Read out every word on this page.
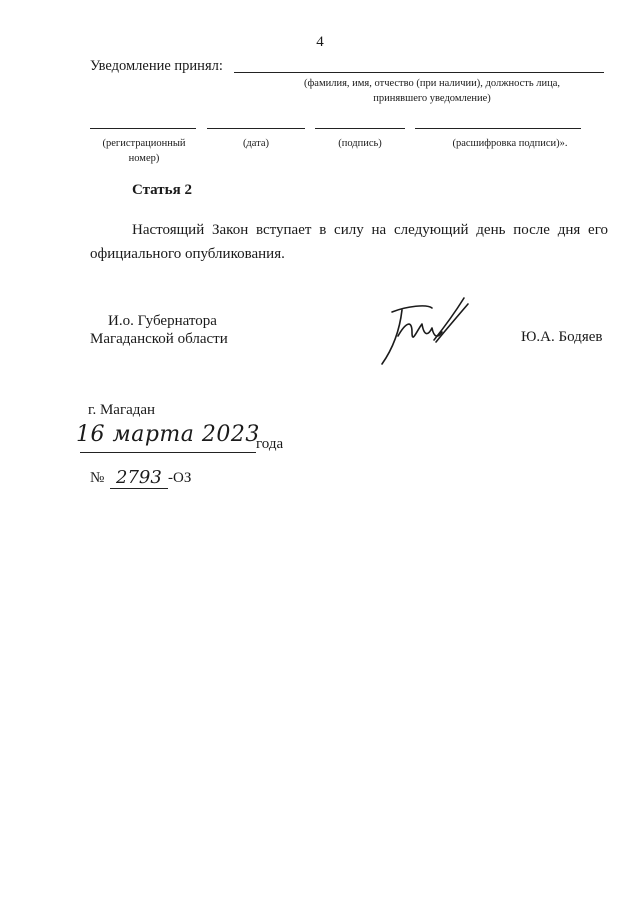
4
Уведомление принял:
(фамилия, имя, отчество (при наличии), должность лица, принявшего уведомление)
(регистрационный номер)
(дата)	(подпись)	(расшифровка подписи)».
Статья 2
Настоящий Закон вступает в силу на следующий день после дня его официального опубликования.
И.о. Губернатора
Магаданской области	Ю.А. Бодяев
г. Магадан
16 марта 2023
года
№ 2793 -ОЗ
